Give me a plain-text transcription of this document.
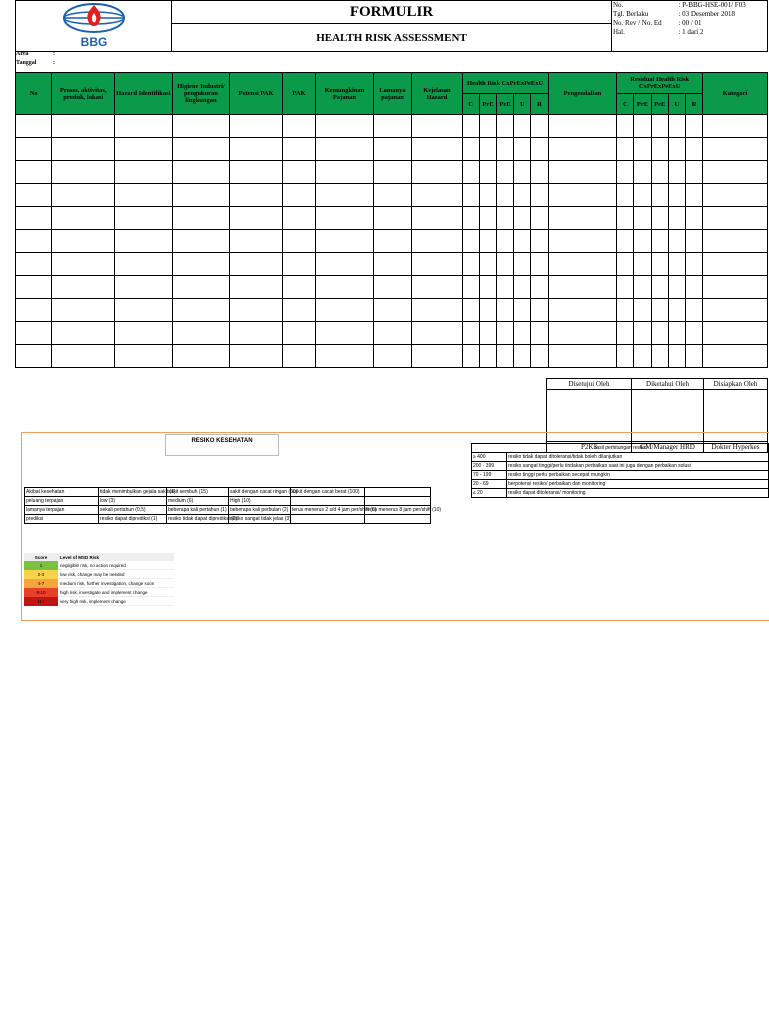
BBG
	FORMULIR		No.	: P-BBG-HSE-001/ F03
Tgl. Berlaku	: 03 Desember 2018
No. Rev / No. Ed	: 00 / 01
Hal.	: 1 dari 2

HEALTH RISK ASSESSMENT
Area	:
Tanggal	:
No	Proses, aktivitas, produk, lokasi	Hazard Identifikasi	Higiene Industri/ pengukuran lingkungan	Potensi PAK	PAK	Kemungkinan Pajanan	Lamanya pajanan	Kejelasan Hazard	Health Risk CxPrExPeExU					Pengendalian	Residual Health Risk CxPrExPeExU					Kategori
									C	PrE	PeE	U	R		C	PrE	PeE	U	R	

Disetujui Oleh	Diketahui Oleh	Disiapkan Oleh

P2K3	GM/Manager HRD	Dokter Hyperkes
RESIKO KESEHATAN
Akibat kesehatan	tidak menimbulkan gejala sakit (1)	sakit sembuh (15)	sakit dengan cacat ringan (60)	sakit dengan cacat berat (100)	
peluang terpajan	low (3)	medium (6)	High (10)		
lamanya terpajan	sekali pertahun (0,5)	beberapa kali pertahun (1)	beberapa kali perbulan (2)	terus menerus 2 s/d 4 jam per/shift (6)	terus menerus 8 jam per/shift (10)
prediksi	resiko dapat diprediksi (1)	resiko tidak dapat diprediksi (2)	resiko sangat tidak jelas (3)		
hasil perhitungan resiko	
≥ 400	resiko tidak dapat ditoleransi/tidak boleh dilanjutkan
200 - 399	resiko sangat tinggi/perlu tindakan perbaikan saat ini juga dengan perbaikan solusi
70 - 199	resiko tinggi perlu perbaikan secepat mungkin
20 - 69	berpotensi resiko/ perbaikan dan monitoring
≤ 20	resiko dapat ditoleransi/ monitoring
Score	Level of MSD Risk
1	negligible risk, no action required
2-3	low risk, change may be needed
4-7	medium risk, further investigation, change soon
8-10	high risk, investigate and implement change
11+	very high risk, implement change
